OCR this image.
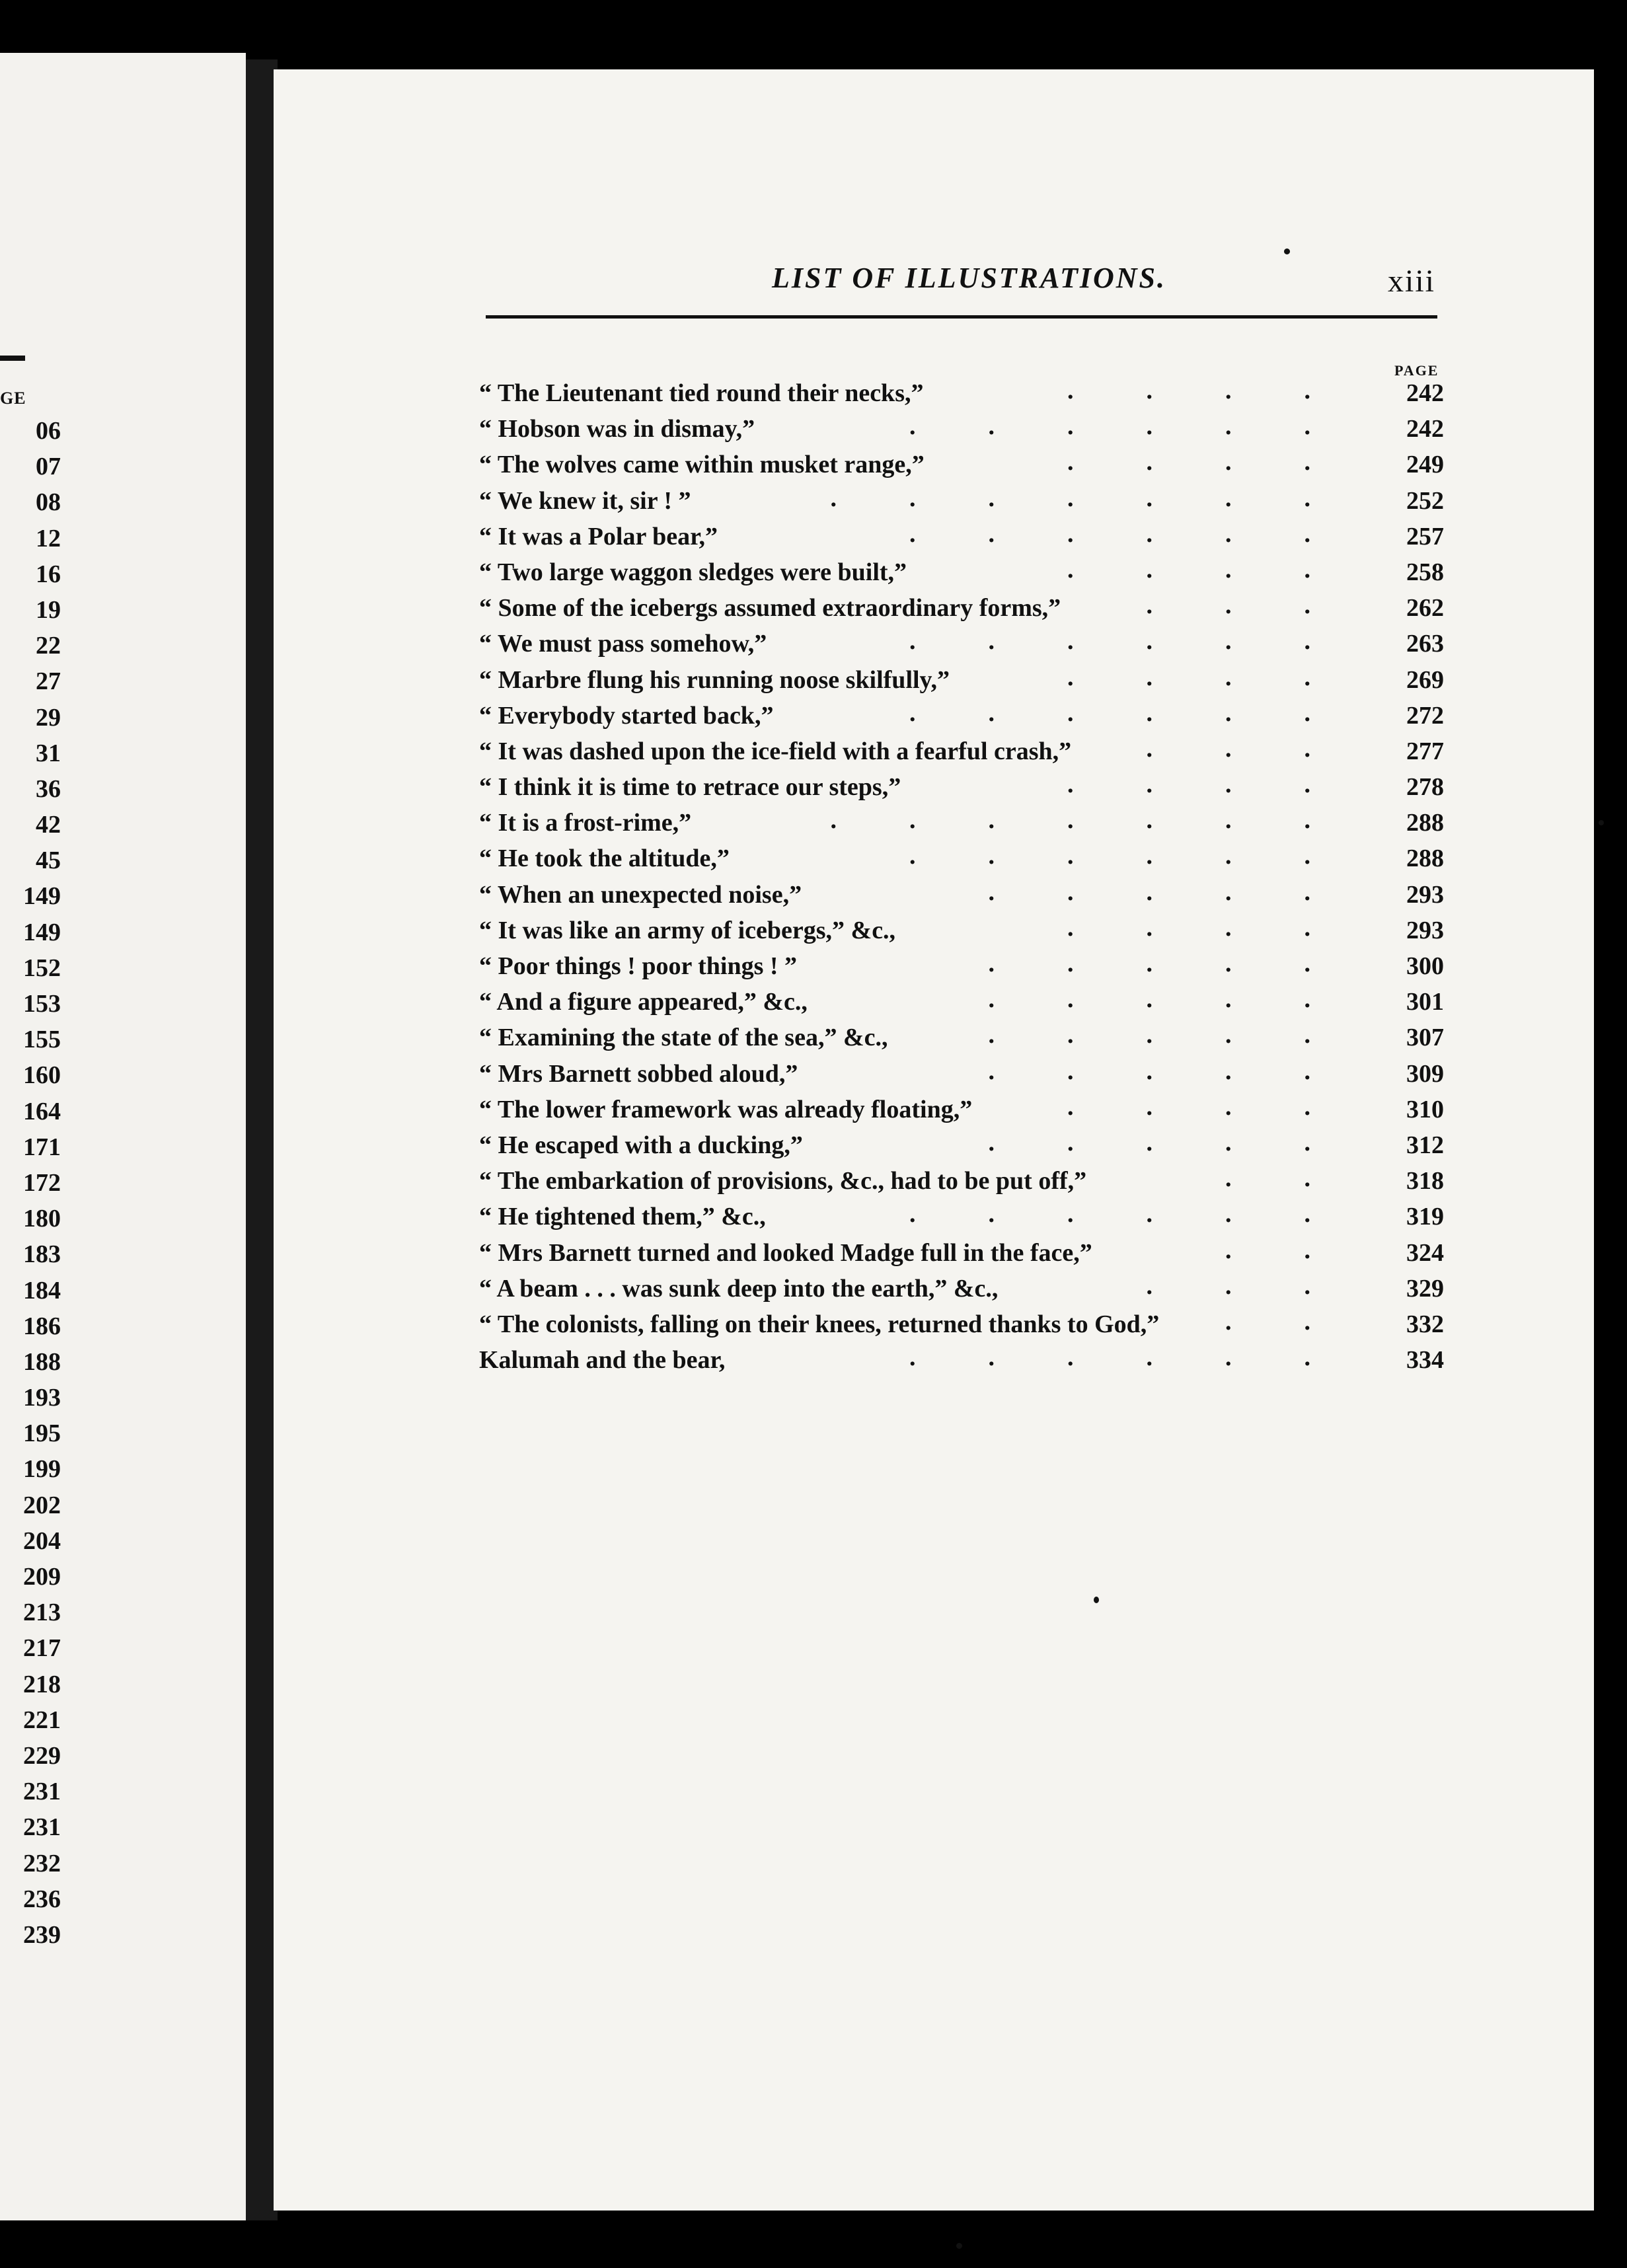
GE
06
07
08
12
16
19
22
27
29
31
36
42
45
149
149
152
153
155
160
164
171
172
180
183
184
186
188
193
195
199
202
204
209
213
217
218
221
229
231
231
232
236
239
LIST OF ILLUSTRATIONS.	xiii
PAGE
“ The Lieutenant tied round their necks,”	.... 242
“ Hobson was in dismay,”	...... 242
“ The wolves came within musket range,”	.... 249
“ We knew it, sir ! ”	....... 252
“ It was a Polar bear,”	...... 257
“ Two large waggon sledges were built,”	.... 258
“ Some of the icebergs assumed extraordinary forms,”	... 262
“ We must pass somehow,”	...... 263
“ Marbre flung his running noose skilfully,”	.... 269
“ Everybody started back,”	...... 272
“ It was dashed upon the ice-field with a fearful crash,”	... 277
“ I think it is time to retrace our steps,”	.... 278
“ It is a frost-rime,”	....... 288
“ He took the altitude,”	...... 288
“ When an unexpected noise,”	..... 293
“ It was like an army of icebergs,” &c.,	.... 293
“ Poor things ! poor things ! ”	..... 300
“ And a figure appeared,” &c.,	..... 301
“ Examining the state of the sea,” &c.,	..... 307
“ Mrs Barnett sobbed aloud,”	..... 309
“ The lower framework was already floating,”	.... 310
“ He escaped with a ducking,”	..... 312
“ The embarkation of provisions, &c., had to be put off,”	.. 318
“ He tightened them,” &c.,	...... 319
“ Mrs Barnett turned and looked Madge full in the face,”	.. 324
“ A beam . . . was sunk deep into the earth,” &c.,	... 329
“ The colonists, falling on their knees, returned thanks to God,”	.. 332
Kalumah and the bear,	...... 334
